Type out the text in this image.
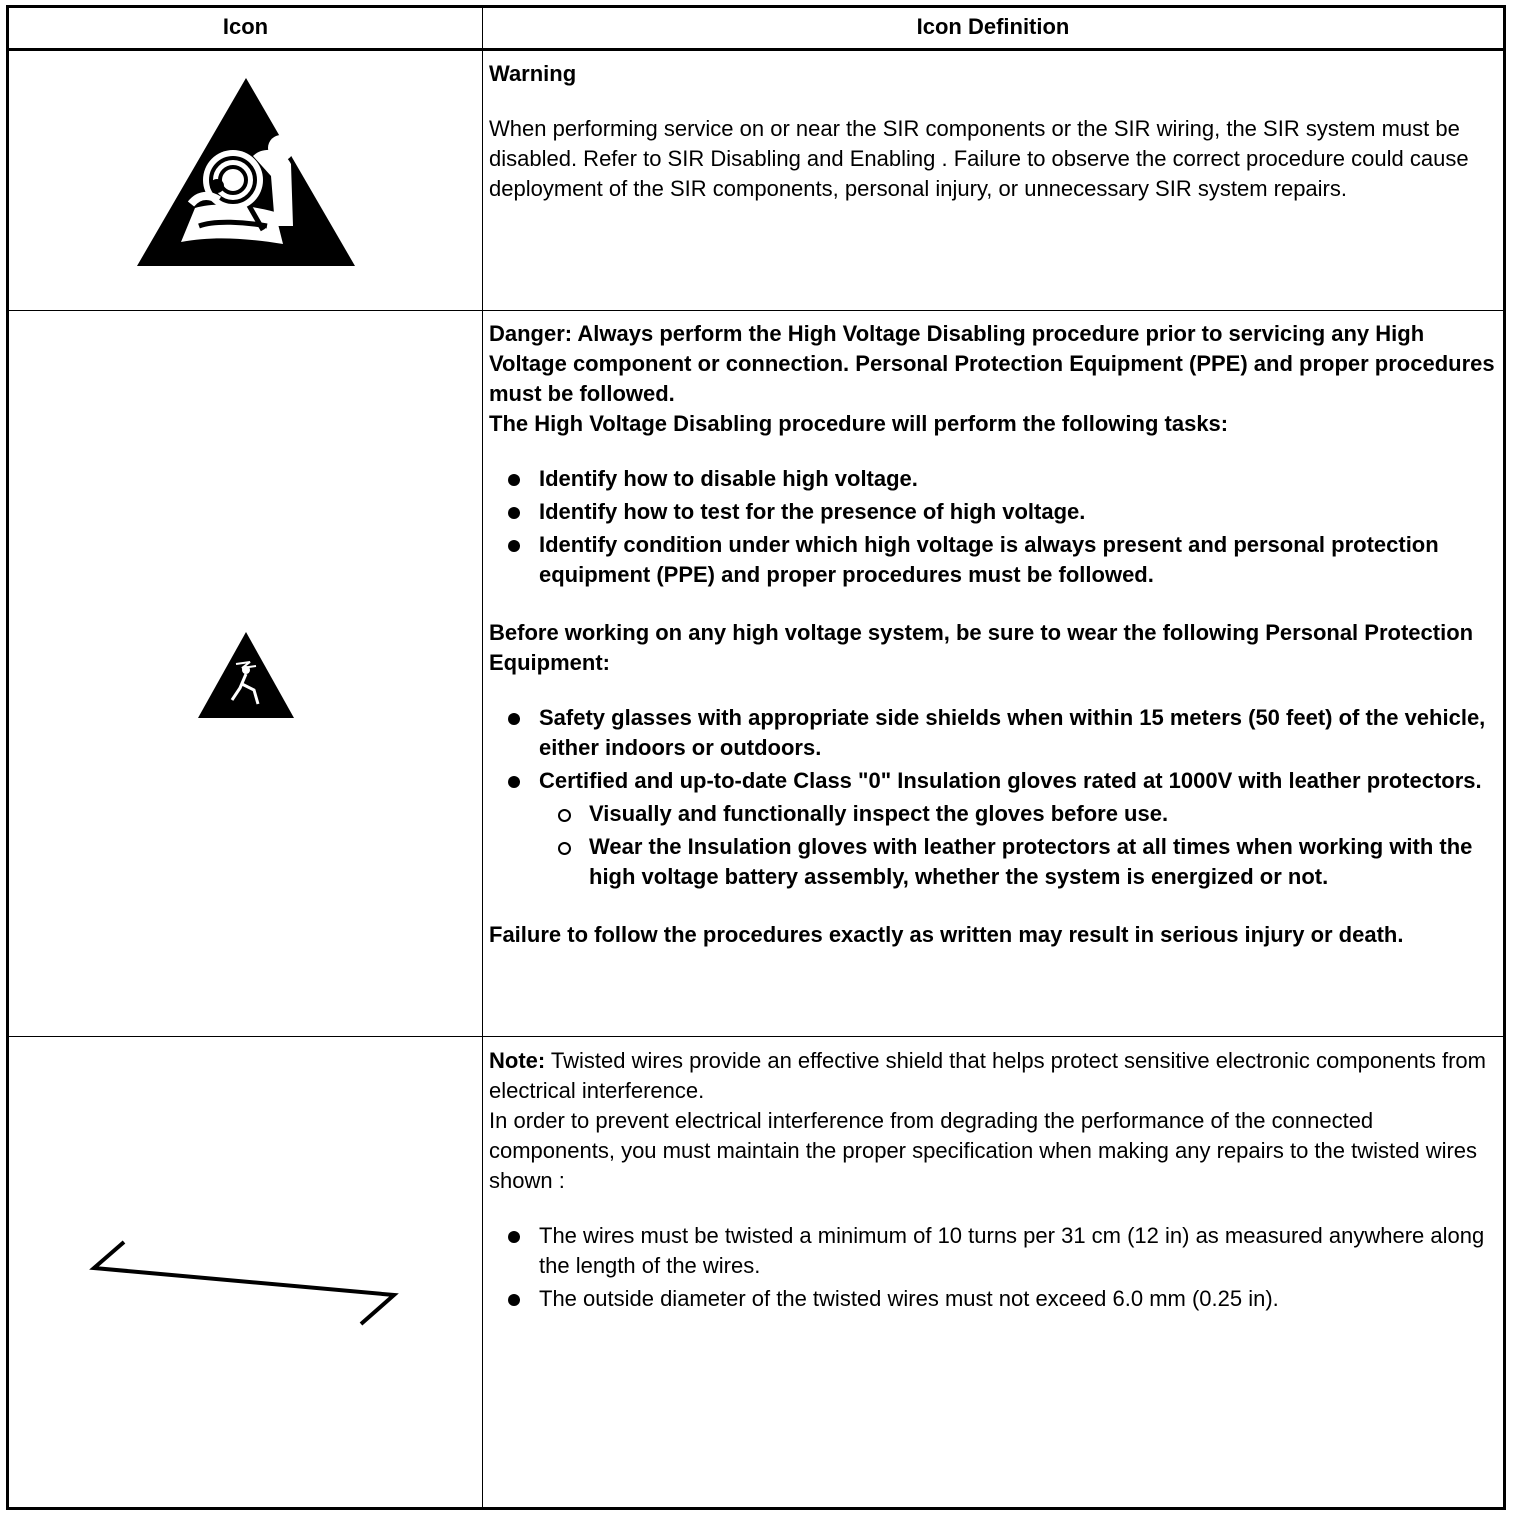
Icon	Icon Definition

Warning

When performing service on or near the SIR components or the SIR wiring, the SIR system must be disabled. Refer to SIR Disabling and Enabling . Failure to observe the correct procedure could cause deployment of the SIR components, personal injury, or unnecessary SIR system repairs.

Danger: Always perform the High Voltage Disabling procedure prior to servicing any High Voltage component or connection. Personal Protection Equipment (PPE) and proper procedures must be followed.

The High Voltage Disabling procedure will perform the following tasks:

Identify how to disable high voltage.
Identify how to test for the presence of high voltage.
Identify condition under which high voltage is always present and personal protection equipment (PPE) and proper procedures must be followed.

Before working on any high voltage system, be sure to wear the following Personal Protection Equipment:

Safety glasses with appropriate side shields when within 15 meters (50 feet) of the vehicle, either indoors or outdoors.
Certified and up-to-date Class "0" Insulation gloves rated at 1000V with leather protectors.
Visually and functionally inspect the gloves before use.
Wear the Insulation gloves with leather protectors at all times when working with the high voltage battery assembly, whether the system is energized or not.

Failure to follow the procedures exactly as written may result in serious injury or death.

Note: Twisted wires provide an effective shield that helps protect sensitive electronic components from electrical interference.

In order to prevent electrical interference from degrading the performance of the connected components, you must maintain the proper specification when making any repairs to the twisted wires shown :

The wires must be twisted a minimum of 10 turns per 31 cm (12 in) as measured anywhere along the length of the wires.
The outside diameter of the twisted wires must not exceed 6.0 mm (0.25 in).
